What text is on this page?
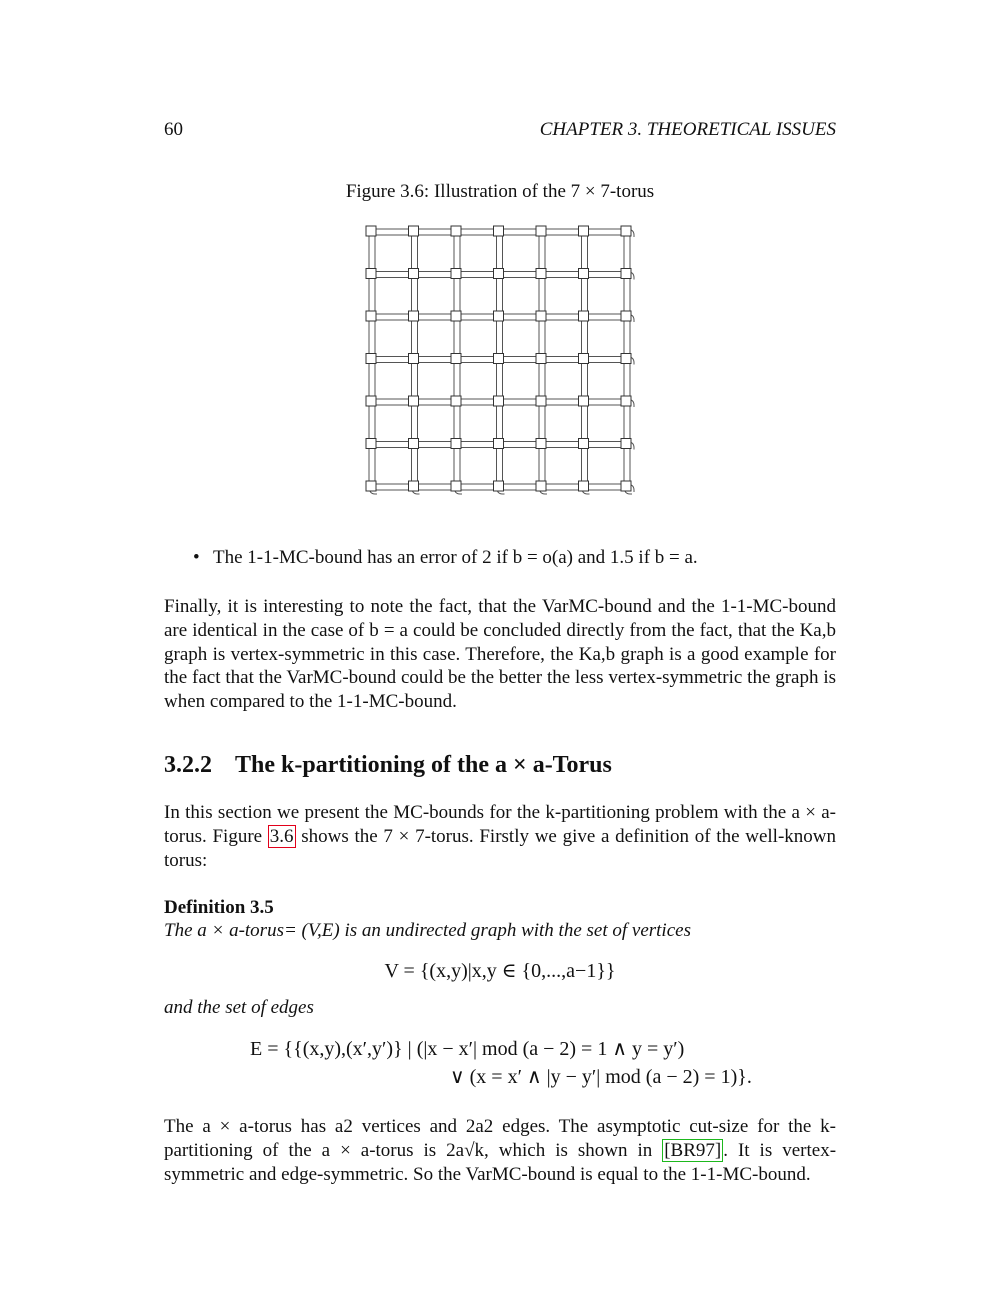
60	CHAPTER 3. THEORETICAL ISSUES
Figure 3.6: Illustration of the 7 × 7-torus
• The 1-1-MC-bound has an error of 2 if b = o(a) and 1.5 if b = a.
Finally, it is interesting to note the fact, that the VarMC-bound and the 1-1-MC-bound are identical in the case of b = a could be concluded directly from the fact, that the Ka,b graph is vertex-symmetric in this case. Therefore, the Ka,b graph is a good example for the fact that the VarMC-bound could be the better the less vertex-symmetric the graph is when compared to the 1-1-MC-bound.
3.2.2 The k-partitioning of the a × a-Torus
In this section we present the MC-bounds for the k-partitioning problem with the a × a-torus. Figure 3.6 shows the 7 × 7-torus. Firstly we give a definition of the well-known torus:
Definition 3.5
The a × a-torus= (V,E) is an undirected graph with the set of vertices
V = {(x,y)|x,y ∈ {0,...,a−1}}
and the set of edges
E = {{(x,y),(x′,y′)} | (|x − x′| mod (a − 2) = 1 ∧ y = y′)
∨ (x = x′ ∧ |y − y′| mod (a − 2) = 1)}.
The a × a-torus has a2 vertices and 2a2 edges. The asymptotic cut-size for the k-partitioning of the a × a-torus is 2a√k, which is shown in [BR97] . It is vertex-symmetric and edge-symmetric. So the VarMC-bound is equal to the 1-1-MC-bound.
